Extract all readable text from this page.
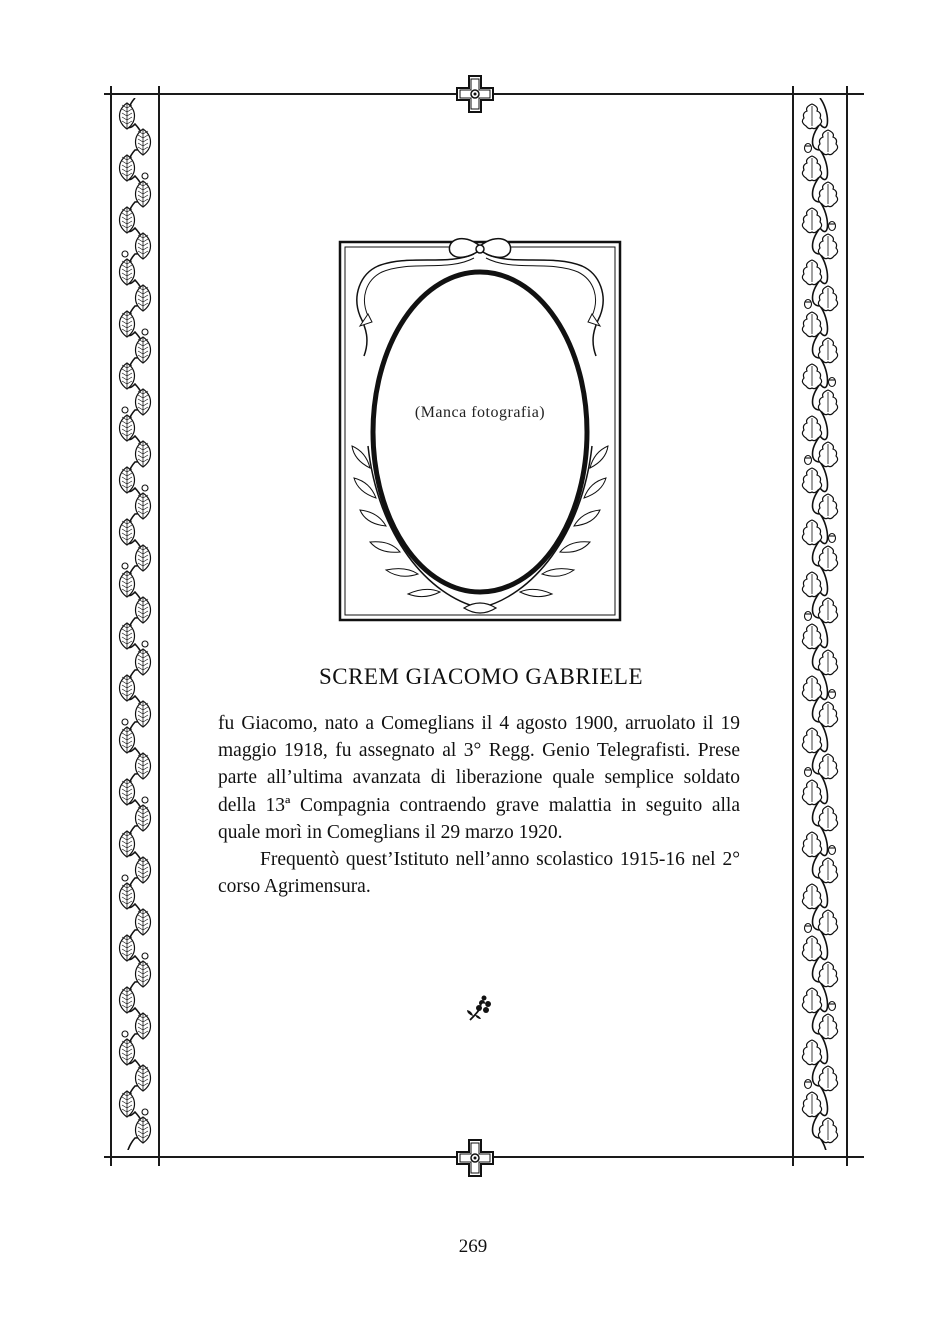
(Manca fotografia)
SCREM GIACOMO GABRIELE

fu Giacomo, nato a Comeglians il 4 agosto 1900, arruolato il 19 maggio 1918, fu assegnato al 3° Regg. Genio Telegrafisti. Prese parte all’ultima avanzata di liberazione quale semplice soldato della 13ª Compagnia contraendo grave malattia in seguito alla quale morì in Comeglians il 29 marzo 1920.

Frequentò quest’Istituto nell’anno scolastico 1915-16 nel 2° corso Agrimensura.

269
